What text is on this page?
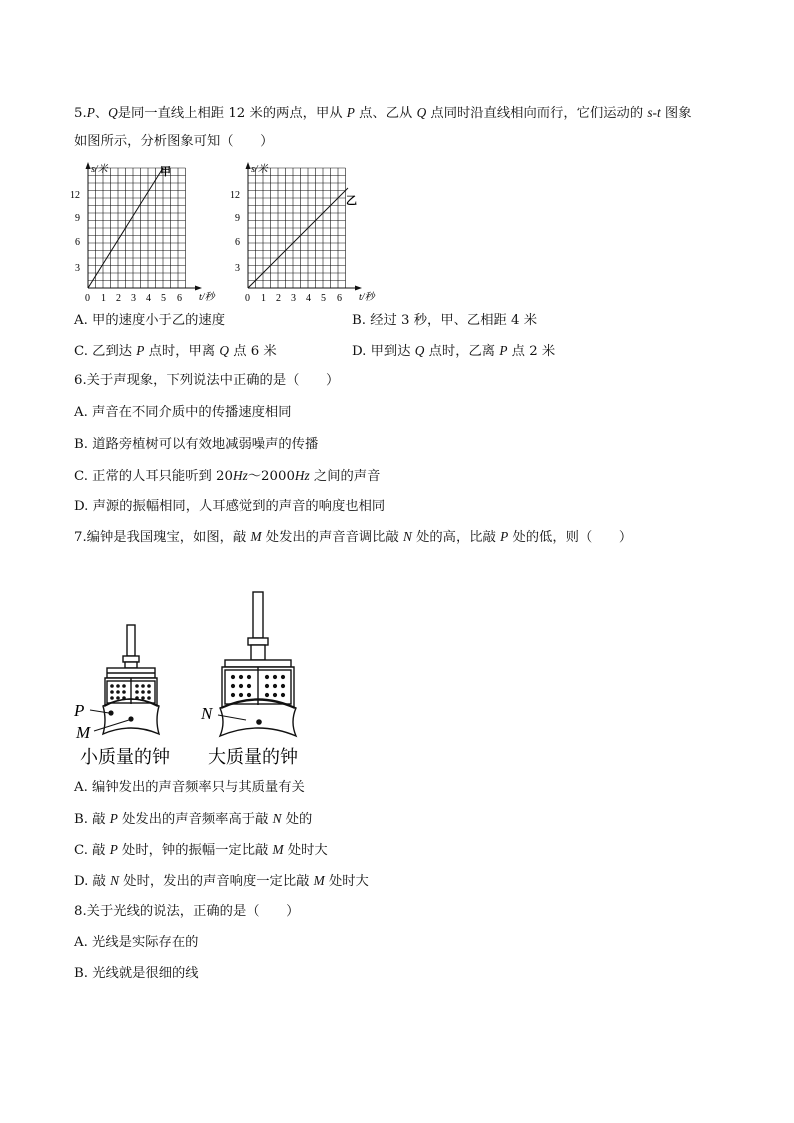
5.P、Q是同一直线上相距 12 米的两点，甲从 P 点、乙从 Q 点同时沿直线相向而行，它们运动的 s-t 图象
如图所示，分析图象可知（　　）
s/米	甲
12
9
6
3
0 1 2 3 4 5 6 t/秒
s/米
乙
12
9
6
3
0 1 2 3 4 5 6 t/秒
A. 甲的速度小于乙的速度	B. 经过 3 秒，甲、乙相距 4 米
C. 乙到达 P 点时，甲离 Q 点 6 米	D. 甲到达 Q 点时，乙离 P 点 2 米
6.关于声现象，下列说法中正确的是（　　）
A. 声音在不同介质中的传播速度相同
B. 道路旁植树可以有效地减弱噪声的传播
C. 正常的人耳只能听到 20Hz～2000Hz 之间的声音
D. 声源的振幅相同，人耳感觉到的声音的响度也相同
7.编钟是我国瑰宝，如图，敲 M 处发出的声音音调比敲 N 处的高，比敲 P 处的低，则（　　）
P
M
小质量的钟
N
大质量的钟
A. 编钟发出的声音频率只与其质量有关
B. 敲 P 处发出的声音频率高于敲 N 处的
C. 敲 P 处时，钟的振幅一定比敲 M 处时大
D. 敲 N 处时，发出的声音响度一定比敲 M 处时大
8.关于光线的说法，正确的是（　　）
A. 光线是实际存在的
B. 光线就是很细的线
